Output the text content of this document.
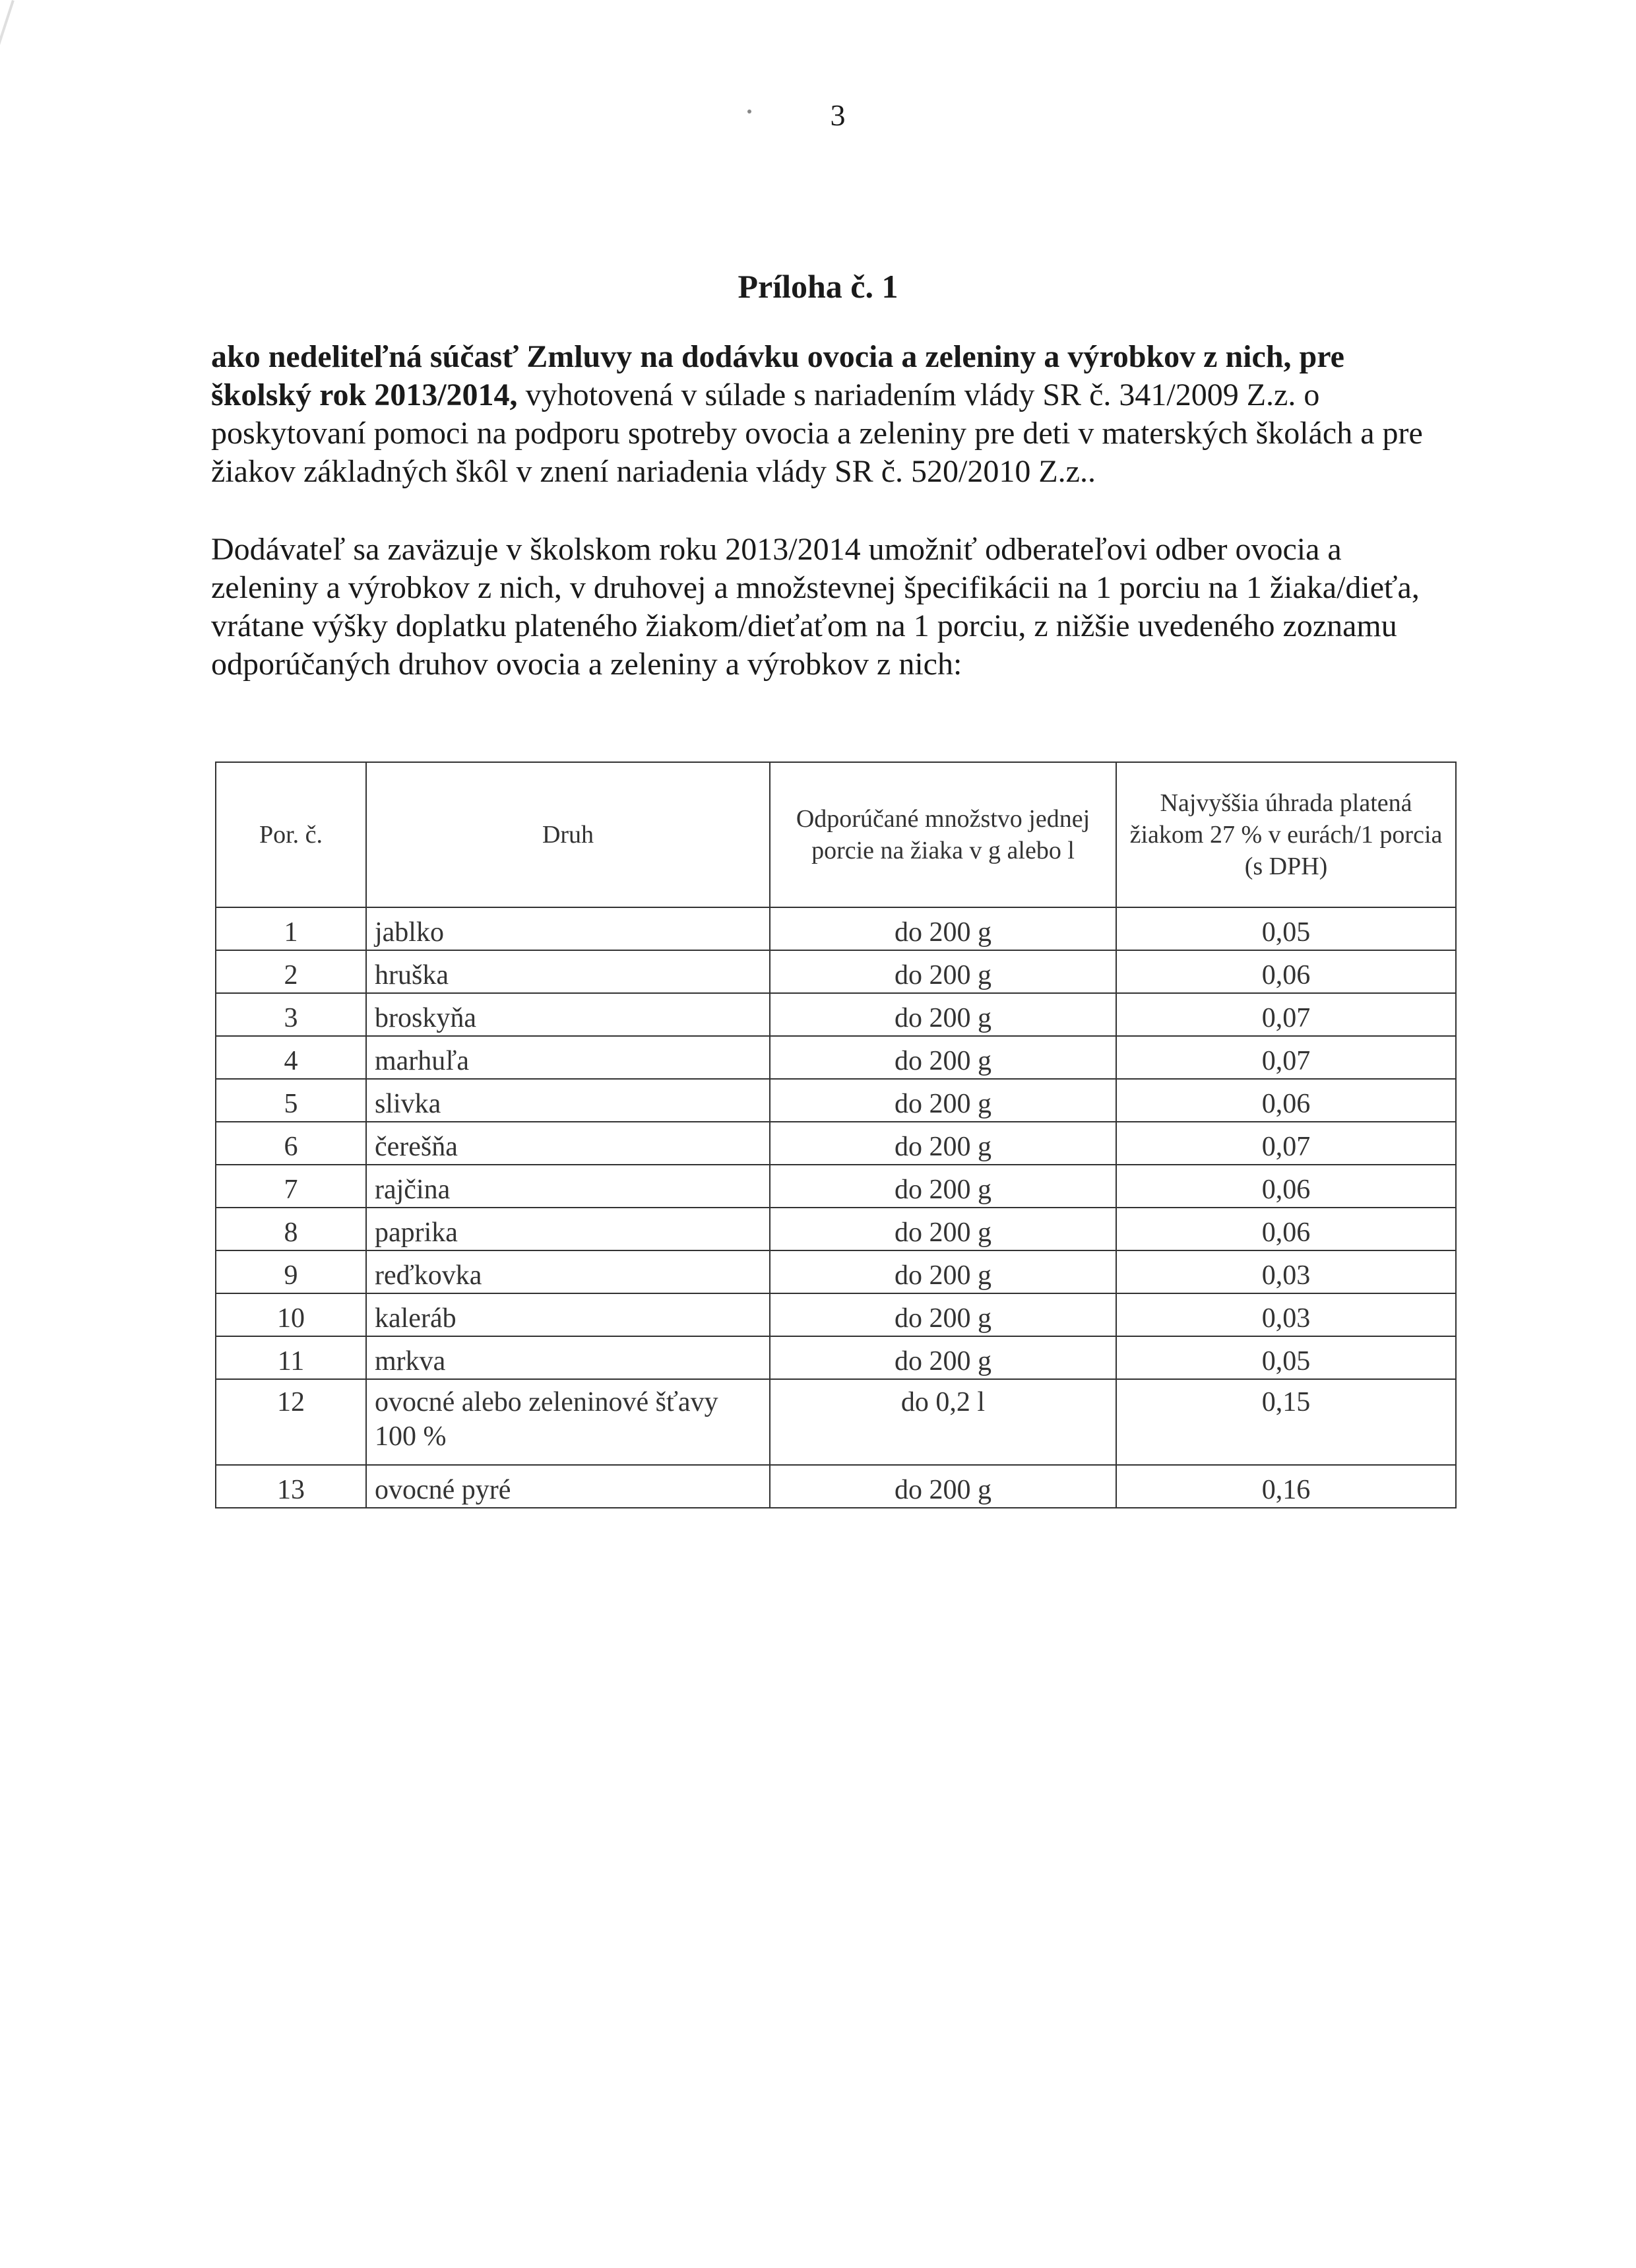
3
Príloha č. 1
ako nedeliteľná súčasť Zmluvy na dodávku ovocia a zeleniny a výrobkov z nich, pre školský rok 2013/2014, vyhotovená v súlade s nariadením vlády SR č. 341/2009 Z.z. o poskytovaní pomoci na podporu spotreby ovocia a zeleniny pre deti v materských školách a pre žiakov základných škôl v znení nariadenia vlády SR č. 520/2010 Z.z..
Dodávateľ sa zaväzuje v školskom roku 2013/2014 umožniť odberateľovi odber ovocia a zeleniny a výrobkov z nich, v druhovej a množstevnej špecifikácii na 1 porciu na 1 žiaka/dieťa, vrátane výšky doplatku plateného žiakom/dieťaťom na 1 porciu, z nižšie uvedeného zoznamu odporúčaných druhov ovocia a zeleniny a výrobkov z nich:
Por. č.	Druh	Odporúčané množstvo jednej porcie na žiaka v g alebo l	Najvyššia úhrada platená žiakom 27 % v eurách/1 porcia (s DPH)
1	jablko	do 200 g	0,05
2	hruška	do 200 g	0,06
3	broskyňa	do 200 g	0,07
4	marhuľa	do 200 g	0,07
5	slivka	do 200 g	0,06
6	čerešňa	do 200 g	0,07
7	rajčina	do 200 g	0,06
8	paprika	do 200 g	0,06
9	reďkovka	do 200 g	0,03
10	kaleráb	do 200 g	0,03
11	mrkva	do 200 g	0,05
12	ovocné alebo zeleninové šťavy 100 %	do 0,2 l	0,15
13	ovocné pyré	do 200 g	0,16
